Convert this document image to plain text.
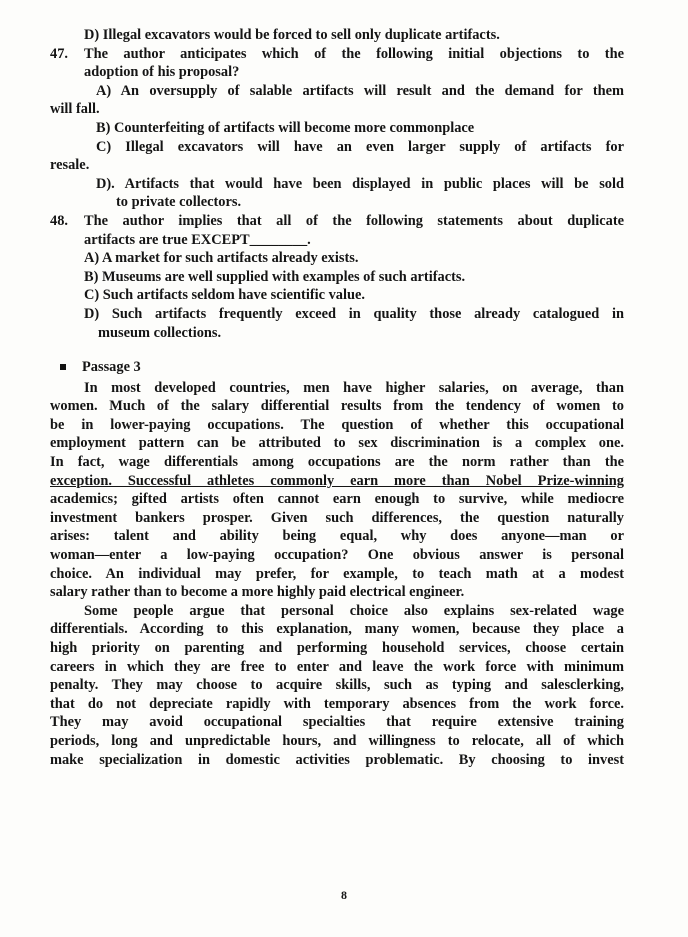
D) Illegal excavators would be forced to sell only duplicate artifacts.
47.	The author anticipates which of the following initial objections to the
adoption of his proposal?
A) An oversupply of salable artifacts will result and the demand for them
will fall.
B) Counterfeiting of artifacts will become more commonplace
C) Illegal excavators will have an even larger supply of artifacts for
resale.
D). Artifacts that would have been displayed in public places will be sold
to private collectors.
48.	The author implies that all of the following statements about duplicate
artifacts are true EXCEPT________.
A) A market for such artifacts already exists.
B) Museums are well supplied with examples of such artifacts.
C) Such artifacts seldom have scientific value.
D) Such artifacts frequently exceed in quality those already catalogued in
museum collections.
Passage 3
In most developed countries, men have higher salaries, on average, than
women. Much of the salary differential results from the tendency of women to
be in lower-paying occupations. The question of whether this occupational
employment pattern can be attributed to sex discrimination is a complex one.
In fact, wage differentials among occupations are the norm rather than the
exception. Successful athletes commonly earn more than Nobel Prize-winning
academics; gifted artists often cannot earn enough to survive, while mediocre
investment bankers prosper. Given such differences, the question naturally
arises: talent and ability being equal, why does anyone—man or
woman—enter a low-paying occupation? One obvious answer is personal
choice. An individual may prefer, for example, to teach math at a modest
salary rather than to become a more highly paid electrical engineer.
Some people argue that personal choice also explains sex-related wage
differentials. According to this explanation, many women, because they place a
high priority on parenting and performing household services, choose certain
careers in which they are free to enter and leave the work force with minimum
penalty. They may choose to acquire skills, such as typing and salesclerking,
that do not depreciate rapidly with temporary absences from the work force.
They may avoid occupational specialties that require extensive training
periods, long and unpredictable hours, and willingness to relocate, all of which
make specialization in domestic activities problematic. By choosing to invest
8
